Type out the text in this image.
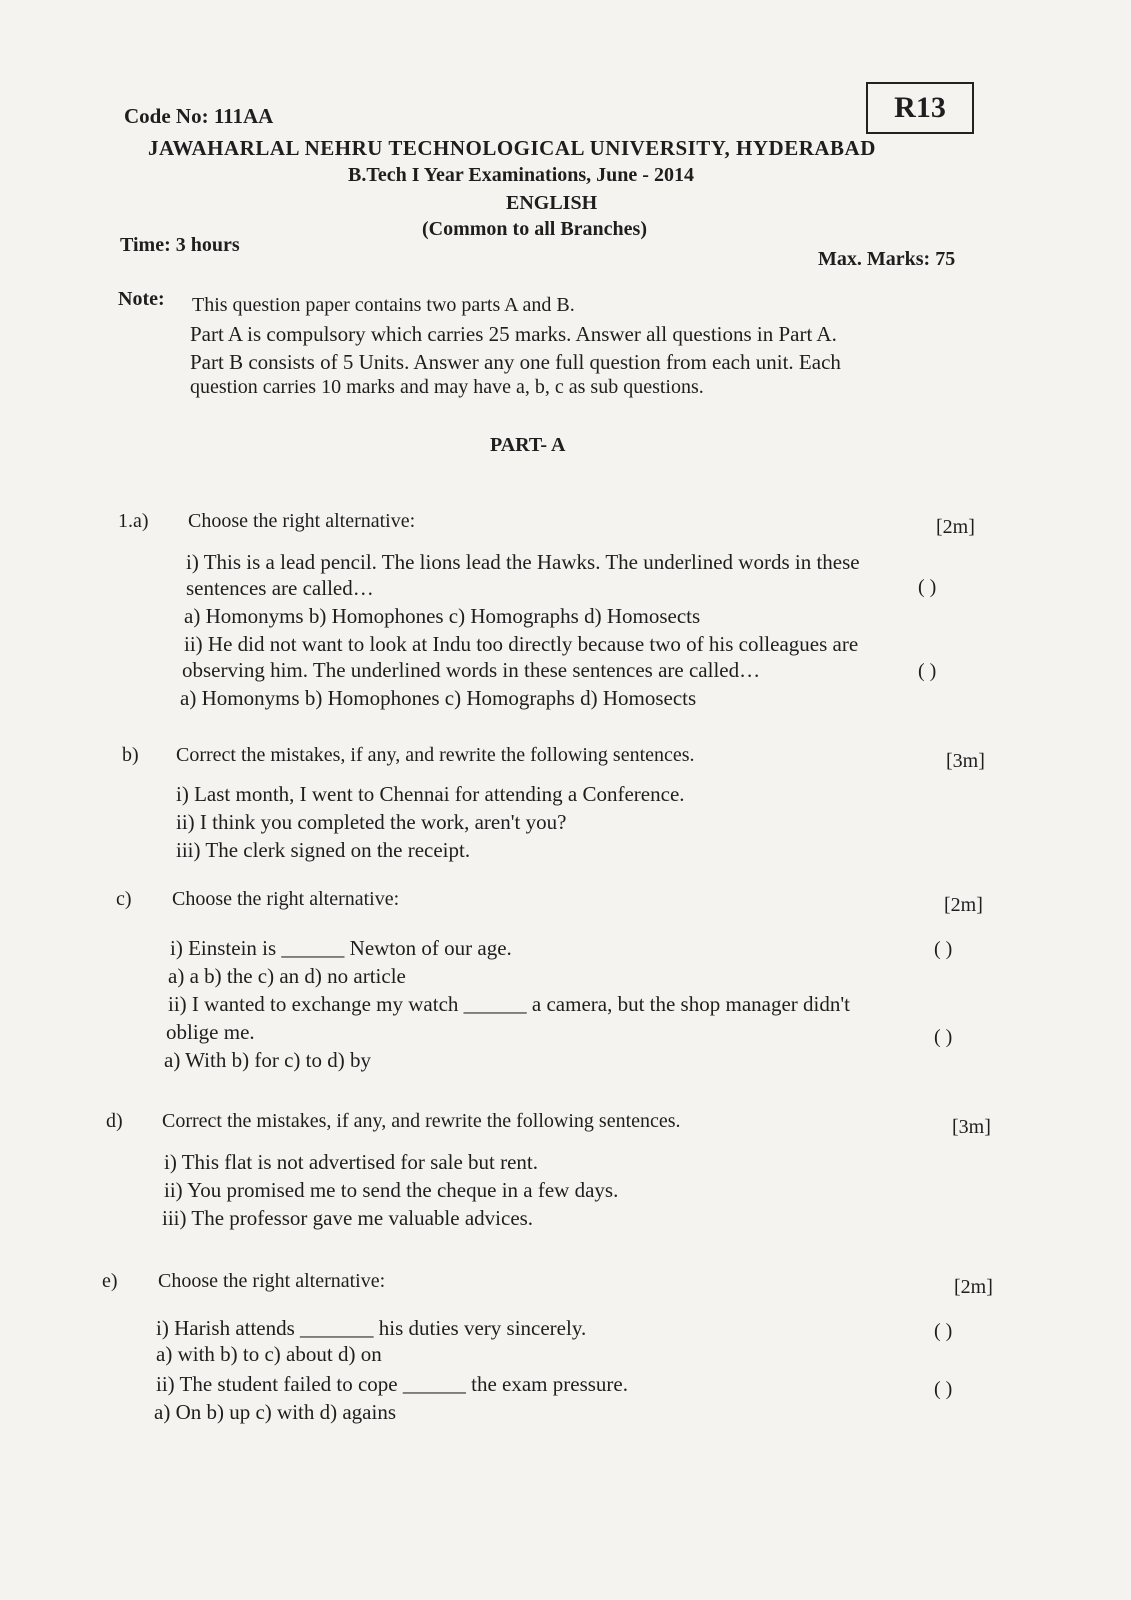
Code No: 111AA	R13
JAWAHARLAL NEHRU TECHNOLOGICAL UNIVERSITY, HYDERABAD
B.Tech I Year Examinations, June - 2014
ENGLISH
(Common to all Branches)
Time: 3 hours
Max. Marks: 75
Note: This question paper contains two parts A and B.
Part A is compulsory which carries 25 marks. Answer all questions in Part A.
Part B consists of 5 Units. Answer any one full question from each unit. Each
question carries 10 marks and may have a, b, c as sub questions.
PART- A
1.a) Choose the right alternative:	[2m]
i) This is a lead pencil. The lions lead the Hawks. The underlined words in these
sentences are called…
a) Homonyms b) Homophones c) Homographs d) Homosects
ii) He did not want to look at Indu too directly because two of his colleagues are
observing him. The underlined words in these sentences are called…
a) Homonyms b) Homophones c) Homographs d) Homosects
( )
( )
b) Correct the mistakes, if any, and rewrite the following sentences.	[3m]
i) Last month, I went to Chennai for attending a Conference.
ii) I think you completed the work, aren't you?
iii) The clerk signed on the receipt.
c) Choose the right alternative:	[2m]
i) Einstein is ______ Newton of our age.
a) a b) the c) an d) no article
ii) I wanted to exchange my watch ______ a camera, but the shop manager didn't
oblige me.
a) With b) for c) to d) by
( )
( )
d) Correct the mistakes, if any, and rewrite the following sentences.	[3m]
i) This flat is not advertised for sale but rent.
ii) You promised me to send the cheque in a few days.
iii) The professor gave me valuable advices.
e) Choose the right alternative:	[2m]
i) Harish attends _______ his duties very sincerely.
a) with b) to c) about d) on
ii) The student failed to cope ______ the exam pressure.
a) On b) up c) with d) agains
( )
( )
